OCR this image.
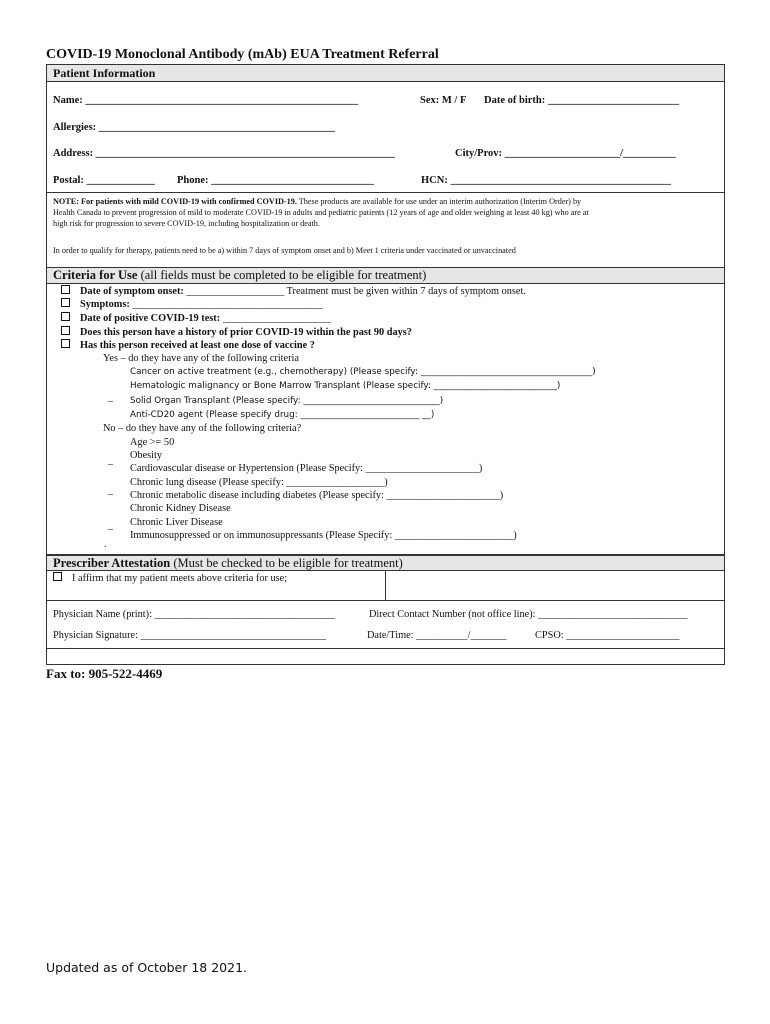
COVID-19 Monoclonal Antibody (mAb) EUA Treatment Referral
Patient Information
Name: ____________________________________________________	Sex: M / F Date of birth: _________________________
Allergies: _____________________________________________
Address: _________________________________________________________	City/Prov: ______________________/__________
Postal: _____________ Phone: _______________________________	HCN: __________________________________________
NOTE: For patients with mild COVID-19 with confirmed COVID-19. These products are available for use under an interim authorization (Interim Order) by
Health Canada to prevent progression of mild to moderate COVID-19 in adults and pediatric patients (12 years of age and older weighing at least 40 kg) who are at
high risk for progression to severe COVID-19, including hospitalization or death.
In order to qualify for therapy, patients need to be a) within 7 days of symptom onset and b) Meet 1 criteria under vaccinated or unvaccinated
Criteria for Use (all fields must be completed to be eligible for treatment)
Date of symptom onset: ___________________ Treatment must be given within 7 days of symptom onset.
Symptoms: _____________________________________
Date of positive COVID-19 test: _____________________
Does this person have a history of prior COVID-19 within the past 90 days?
Has this person received at least one dose of vaccine ?
Yes – do they have any of the following criteria
Cancer on active treatment (e.g., chemotherapy) (Please specify: _______________________________________)
Hematologic malignancy or Bone Marrow Transplant (Please specify: ____________________________)
_ Solid Organ Transplant (Please specify: _______________________________)
Anti-CD20 agent (Please specify drug: ___________________________ __)
No – do they have any of the following criteria?
Age >= 50
Obesity
_
Cardiovascular disease or Hypertension (Please Specify: ______________________)
Chronic lung disease (Please specify: ___________________)
_ Chronic metabolic disease including diabetes (Please specify: ______________________)
Chronic Kidney Disease
Chronic Liver Disease
_
Immunosuppressed or on immunosuppressants (Please Specify: _______________________)
.
Prescriber Attestation (Must be checked to be eligible for treatment)
I affirm that my patient meets above criteria for use;
Physician Name (print): ___________________________________	Direct Contact Number (not office line): _____________________________
Physician Signature: ____________________________________	Date/Time: __________/_______	CPSO: ______________________
Fax to: 905-522-4469
Updated as of October 18 2021.
